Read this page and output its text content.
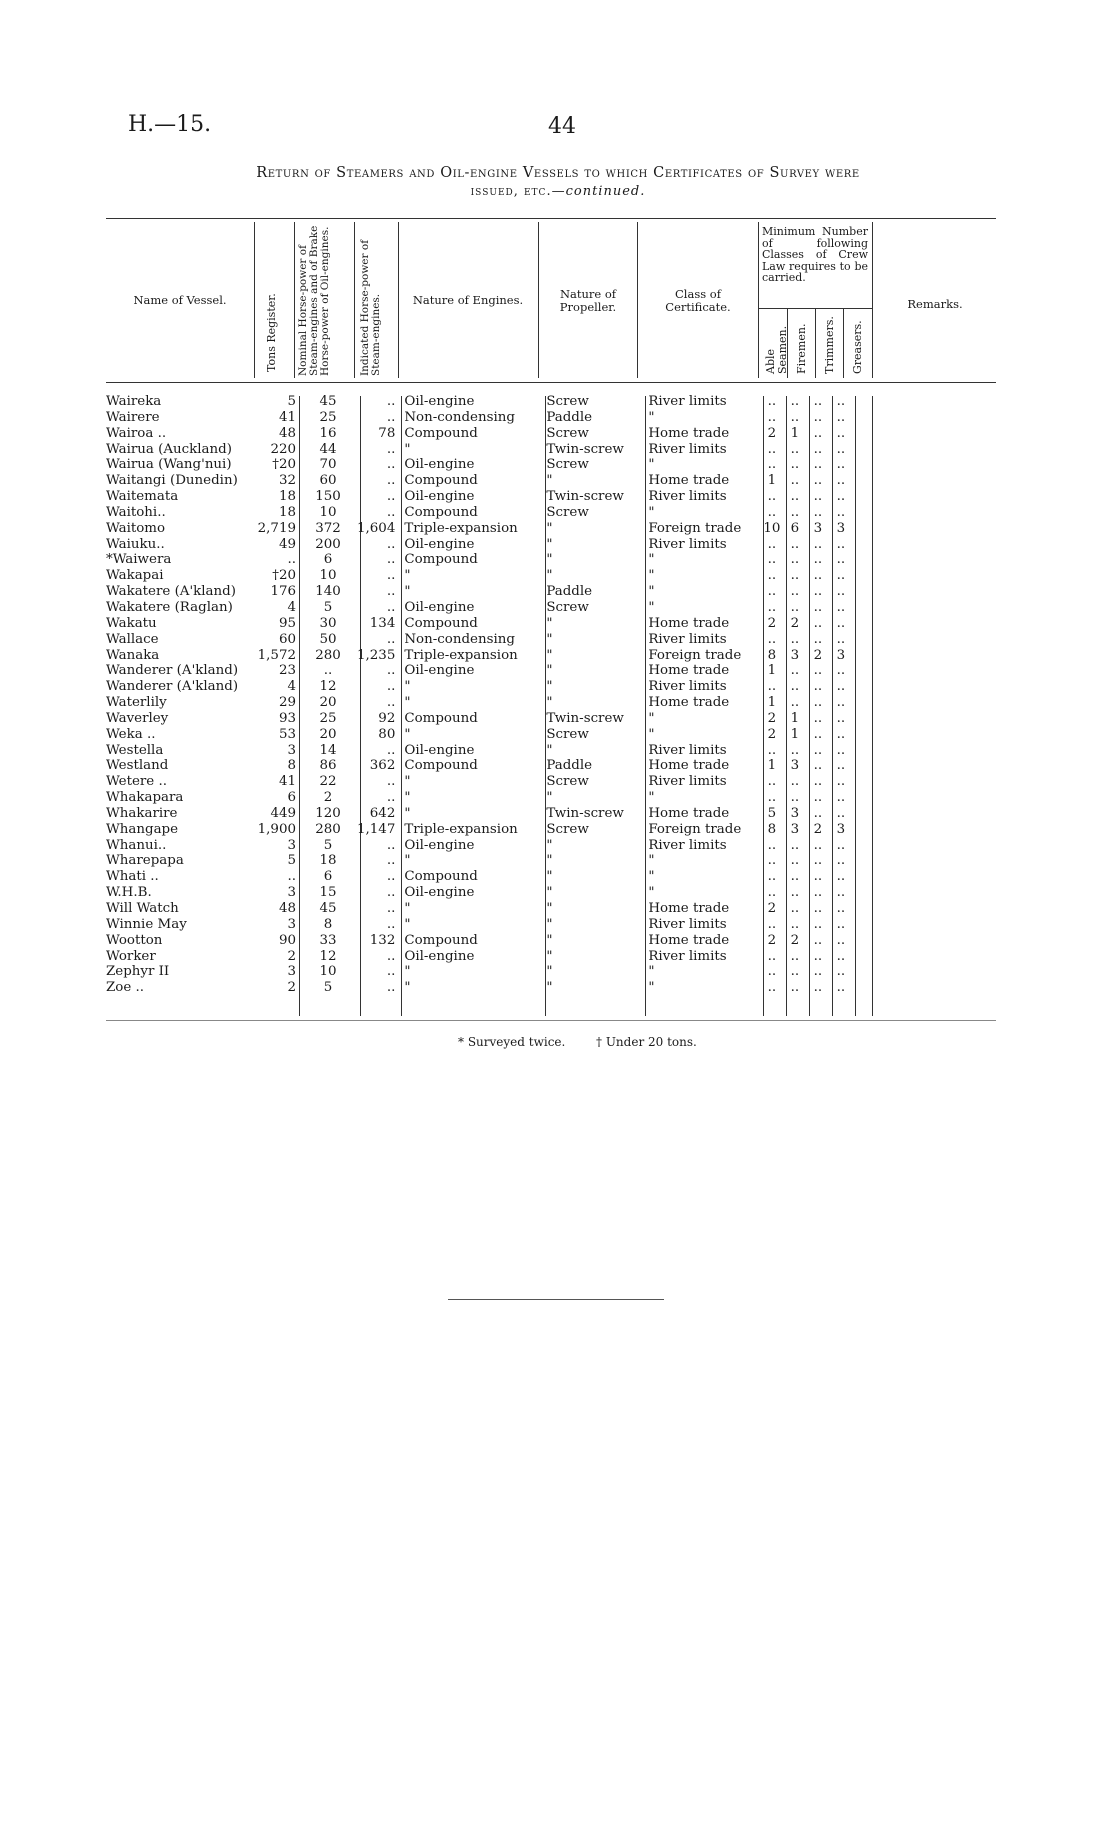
H.—15.	44
Return of Steamers and Oil-engine Vessels to which Certificates of Survey were
issued, etc.—continued.
Name of Vessel.	Tons Register. Nominal Horse-power of Steam-engines and of Brake Horse-power of Oil-engines.	Indicated Horse-power of Steam-engines.	Nature of Engines.	Nature of Propeller.
Class of Certificate.
Minimum Number of following Classes of Crew Law requires to be carried.
Able Seamen. Firemen. Trimmers. Greasers.
Remarks.
Waireka	5	45	..	Oil-engine	Screw	River limits	..	..	..	..	
Wairere	41	25	..	Non-condensing	Paddle	"	..	..	..	..	
Wairoa ..	48	16	78	Compound	Screw	Home trade	2	1	..	..	
Wairua (Auckland)	220	44	..	"	Twin-screw	River limits	..	..	..	..	
Wairua (Wang'nui)	†20	70	..	Oil-engine	Screw	"	..	..	..	..	
Waitangi (Dunedin)	32	60	..	Compound	"	Home trade	1	..	..	..	
Waitemata	18	150	..	Oil-engine	Twin-screw	River limits	..	..	..	..	
Waitohi..	18	10	..	Compound	Screw	"	..	..	..	..	
Waitomo	2,719	372	1,604	Triple-expansion	"	Foreign trade	10	6	3	3	
Waiuku..	49	200	..	Oil-engine	"	River limits	..	..	..	..	
*Waiwera	..	6	..	Compound	"	"	..	..	..	..	
Wakapai	†20	10	..	"	"	"	..	..	..	..	
Wakatere (A'kland)	176	140	..	"	Paddle	"	..	..	..	..	
Wakatere (Raglan)	4	5	..	Oil-engine	Screw	"	..	..	..	..	
Wakatu	95	30	134	Compound	"	Home trade	2	2	..	..	
Wallace	60	50	..	Non-condensing	"	River limits	..	..	..	..	
Wanaka	1,572	280	1,235	Triple-expansion	"	Foreign trade	8	3	2	3	
Wanderer (A'kland)	23	..	..	Oil-engine	"	Home trade	1	..	..	..	
Wanderer (A'kland)	4	12	..	"	"	River limits	..	..	..	..	
Waterlily	29	20	..	"	"	Home trade	1	..	..	..	
Waverley	93	25	92	Compound	Twin-screw	"	2	1	..	..	
Weka ..	53	20	80	"	Screw	"	2	1	..	..	
Westella	3	14	..	Oil-engine	"	River limits	..	..	..	..	
Westland	8	86	362	Compound	Paddle	Home trade	1	3	..	..	
Wetere ..	41	22	..	"	Screw	River limits	..	..	..	..	
Whakapara	6	2	..	"	"	"	..	..	..	..	
Whakarire	449	120	642	"	Twin-screw	Home trade	5	3	..	..	
Whangape	1,900	280	1,147	Triple-expansion	Screw	Foreign trade	8	3	2	3	
Whanui..	3	5	..	Oil-engine	"	River limits	..	..	..	..	
Wharepapa	5	18	..	"	"	"	..	..	..	..	
Whati ..	..	6	..	Compound	"	"	..	..	..	..	
W.H.B.	3	15	..	Oil-engine	"	"	..	..	..	..	
Will Watch	48	45	..	"	"	Home trade	2	..	..	..	
Winnie May	3	8	..	"	"	River limits	..	..	..	..	
Wootton	90	33	132	Compound	"	Home trade	2	2	..	..	
Worker	2	12	..	Oil-engine	"	River limits	..	..	..	..	
Zephyr II	3	10	..	"	"	"	..	..	..	..	
Zoe ..	2	5	..	"	"	"	..	..	..	..	
* Surveyed twice.	† Under 20 tons.
